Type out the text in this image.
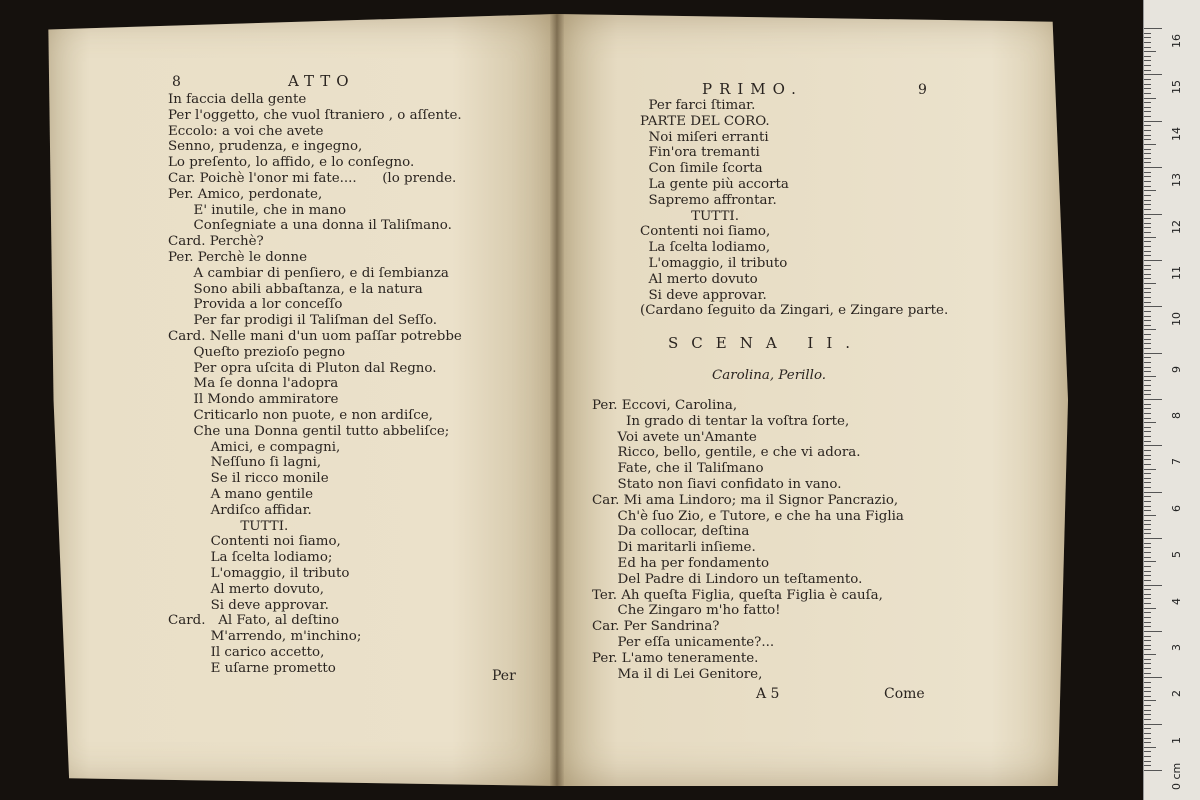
8	ATTO
In faccia della gente
Per l'oggetto, che vuol ſtraniero , o aſſente.
Eccolo: a voi che avete
Senno, prudenza, e ingegno,
Lo preſento, lo affido, e lo conſegno.
Car. Poichè l'onor mi fate....      (lo prende.
Per. Amico, perdonate,
E' inutile, che in mano
Conſegniate a una donna il Taliſmano.
Card. Perchè?
Per. Perchè le donne
A cambiar di penſiero, e di ſembianza
Sono abili abbaſtanza, e la natura
Provida a lor conceſſo
Per far prodigi il Taliſman del Seſſo.
Card. Nelle mani d'un uom paſſar potrebbe
Queſto prezioſo pegno
Per opra uſcita di Pluton dal Regno.
Ma ſe donna l'adopra
Il Mondo ammiratore
Criticarlo non puote, e non ardiſce,
Che una Donna gentil tutto abbeliſce;
Amici, e compagni,
Neſſuno ſi lagni,
Se il ricco monile
A mano gentile
Ardiſco affidar.
TUTTI.
Contenti noi ſiamo,
La ſcelta lodiamo;
L'omaggio, il tributo
Al merto dovuto,
Si deve approvar.
Card.   Al Fato, al deſtino
M'arrendo, m'inchino;
Il carico accetto,
E uſarne prometto	Per
PRIMO.	9
Per farci ſtimar.
PARTE DEL CORO.
Noi miſeri erranti
Fin'ora tremanti
Con ſimile ſcorta
La gente più accorta
Sapremo affrontar.
TUTTI.
Contenti noi ſiamo,
La ſcelta lodiamo,
L'omaggio, il tributo
Al merto dovuto
Si deve approvar.
(Cardano ſeguito da Zingari, e Zingare parte.
SCENA II.
Carolina, Perillo.
Per. Eccovi, Carolina,
In grado di tentar la voſtra ſorte,
Voi avete un'Amante
Ricco, bello, gentile, e che vi adora.
Fate, che il Taliſmano
Stato non ſiavi confidato in vano.
Car. Mi ama Lindoro; ma il Signor Pancrazio,
Ch'è ſuo Zio, e Tutore, e che ha una Figlia
Da collocar, deſtina
Di maritarli inſieme.
Ed ha per fondamento
Del Padre di Lindoro un teſtamento.
Ter. Ah queſta Figlia, queſta Figlia è cauſa,
Che Zingaro m'ho fatto!
Car. Per Sandrina?
Per eſſa unicamente?...
Per. L'amo teneramente.
Ma il di Lei Genitore,
A 5	Come
0 cm
16
15
14
13
12
11
10
9
8
7
6
5
4
3
2
1
